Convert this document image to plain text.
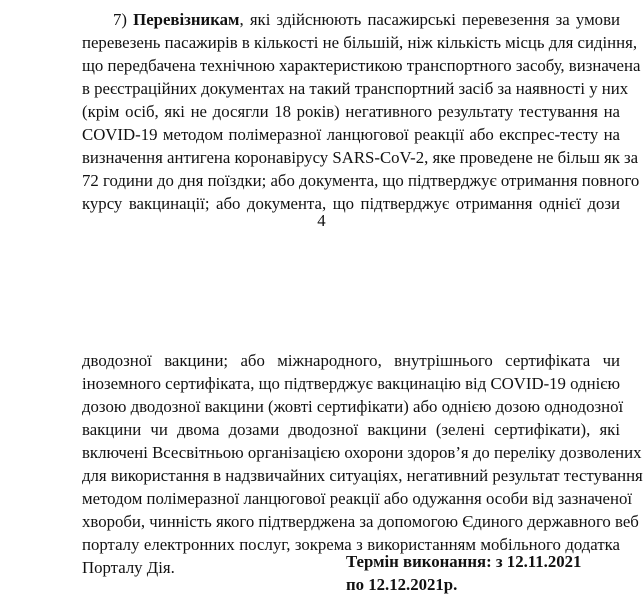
7) Перевізникам, які здійснюють пасажирські перевезення за умови
перевезень пасажирів в кількості не більшій, ніж кількість місць для сидіння,
що передбачена технічною характеристикою транспортного засобу, визначена
в реєстраційних документах на такий транспортний засіб за наявності у них
(крім осіб, які не досягли 18 років) негативного результату тестування на
COVID-19 методом полімеразної ланцюгової реакції або експрес-тесту на
визначення антигена коронавірусу SARS-CoV-2, яке проведене не більш як за
72 години до дня поїздки; або документа, що підтверджує отримання повного
курсу вакцинації; або документа, що підтверджує отримання однієї дози
4
дводозної вакцини; або міжнародного, внутрішнього сертифіката чи
іноземного сертифіката, що підтверджує вакцинацію від COVID-19 однією
дозою дводозної вакцини (жовті сертифікати) або однією дозою однодозної
вакцини чи двома дозами дводозної вакцини (зелені сертифікати), які
включені Всесвітньою організацією охорони здоров’я до переліку дозволених
для використання в надзвичайних ситуаціях, негативний результат тестування
методом полімеразної ланцюгової реакції або одужання особи від зазначеної
хвороби, чинність якого підтверджена за допомогою Єдиного державного веб
порталу електронних послуг, зокрема з використанням мобільного додатка
Порталу Дія.	Термін виконання: з 12.11.2021
по 12.12.2021р.
